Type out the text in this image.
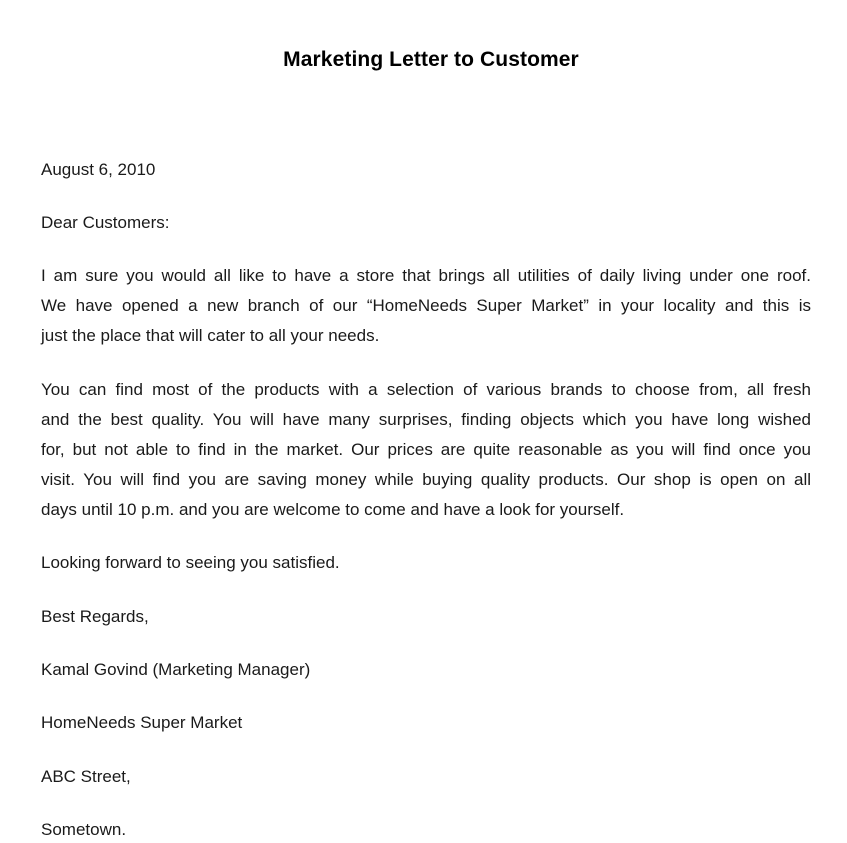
Marketing Letter to Customer
August 6, 2010
Dear Customers:
I am sure you would all like to have a store that brings all utilities of daily living under one roof.
We have opened a new branch of our “HomeNeeds Super Market” in your locality and this is
just the place that will cater to all your needs.
You can find most of the products with a selection of various brands to choose from, all fresh
and the best quality. You will have many surprises, finding objects which you have long wished
for, but not able to find in the market. Our prices are quite reasonable as you will find once you
visit. You will find you are saving money while buying quality products. Our shop is open on all
days until 10 p.m. and you are welcome to come and have a look for yourself.
Looking forward to seeing you satisfied.
Best Regards,
Kamal Govind (Marketing Manager)
HomeNeeds Super Market
ABC Street,
Sometown.
